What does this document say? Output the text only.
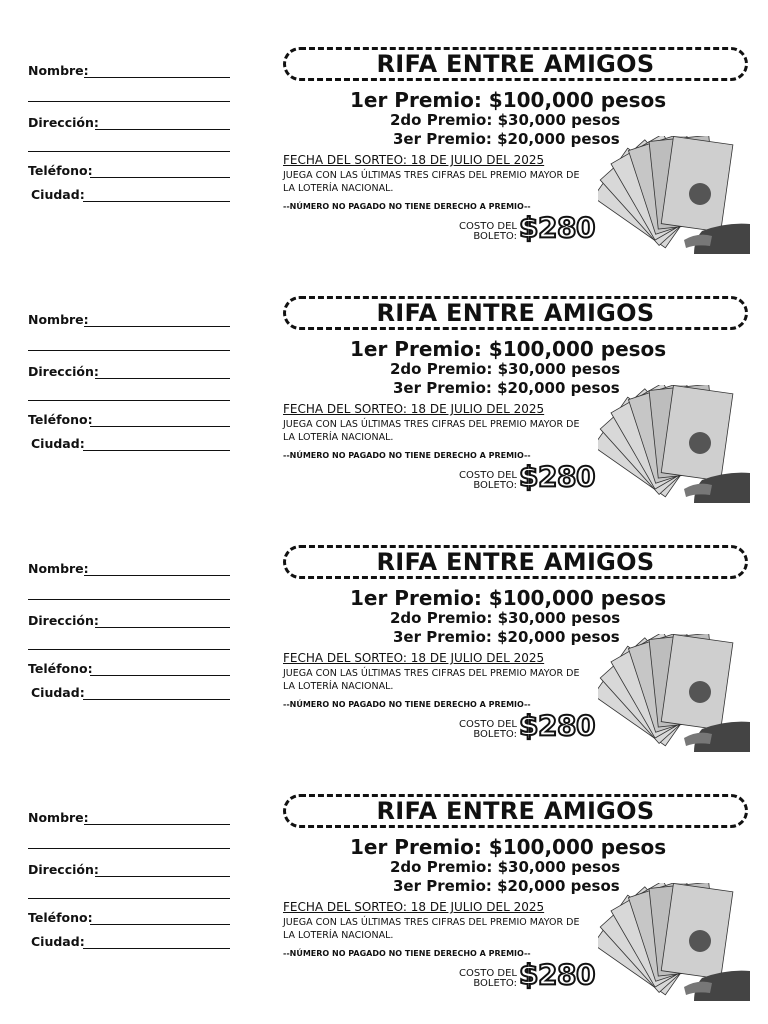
Nombre:
Dirección:
Teléfono:
Ciudad:
RIFA ENTRE AMIGOS
1er Premio: $100,000 pesos
2do Premio: $30,000 pesos
3er Premio: $20,000 pesos
FECHA DEL SORTEO: 18 DE JULIO DEL 2025
JUEGA CON LAS ÚLTIMAS TRES CIFRAS DEL PREMIO MAYOR DE LA LOTERÍA NACIONAL.
--NÚMERO NO PAGADO NO TIENE DERECHO A PREMIO--
COSTO DEL
BOLETO: $280
Nombre:
Dirección:
Teléfono:
Ciudad:
RIFA ENTRE AMIGOS
1er Premio: $100,000 pesos
2do Premio: $30,000 pesos
3er Premio: $20,000 pesos
FECHA DEL SORTEO: 18 DE JULIO DEL 2025
JUEGA CON LAS ÚLTIMAS TRES CIFRAS DEL PREMIO MAYOR DE LA LOTERÍA NACIONAL.
--NÚMERO NO PAGADO NO TIENE DERECHO A PREMIO--
COSTO DEL
BOLETO: $280
Nombre:
Dirección:
Teléfono:
Ciudad:
RIFA ENTRE AMIGOS
1er Premio: $100,000 pesos
2do Premio: $30,000 pesos
3er Premio: $20,000 pesos
FECHA DEL SORTEO: 18 DE JULIO DEL 2025
JUEGA CON LAS ÚLTIMAS TRES CIFRAS DEL PREMIO MAYOR DE LA LOTERÍA NACIONAL.
--NÚMERO NO PAGADO NO TIENE DERECHO A PREMIO--
COSTO DEL
BOLETO: $280
Nombre:
Dirección:
Teléfono:
Ciudad:
RIFA ENTRE AMIGOS
1er Premio: $100,000 pesos
2do Premio: $30,000 pesos
3er Premio: $20,000 pesos
FECHA DEL SORTEO: 18 DE JULIO DEL 2025
JUEGA CON LAS ÚLTIMAS TRES CIFRAS DEL PREMIO MAYOR DE LA LOTERÍA NACIONAL.
--NÚMERO NO PAGADO NO TIENE DERECHO A PREMIO--
COSTO DEL
BOLETO: $280
